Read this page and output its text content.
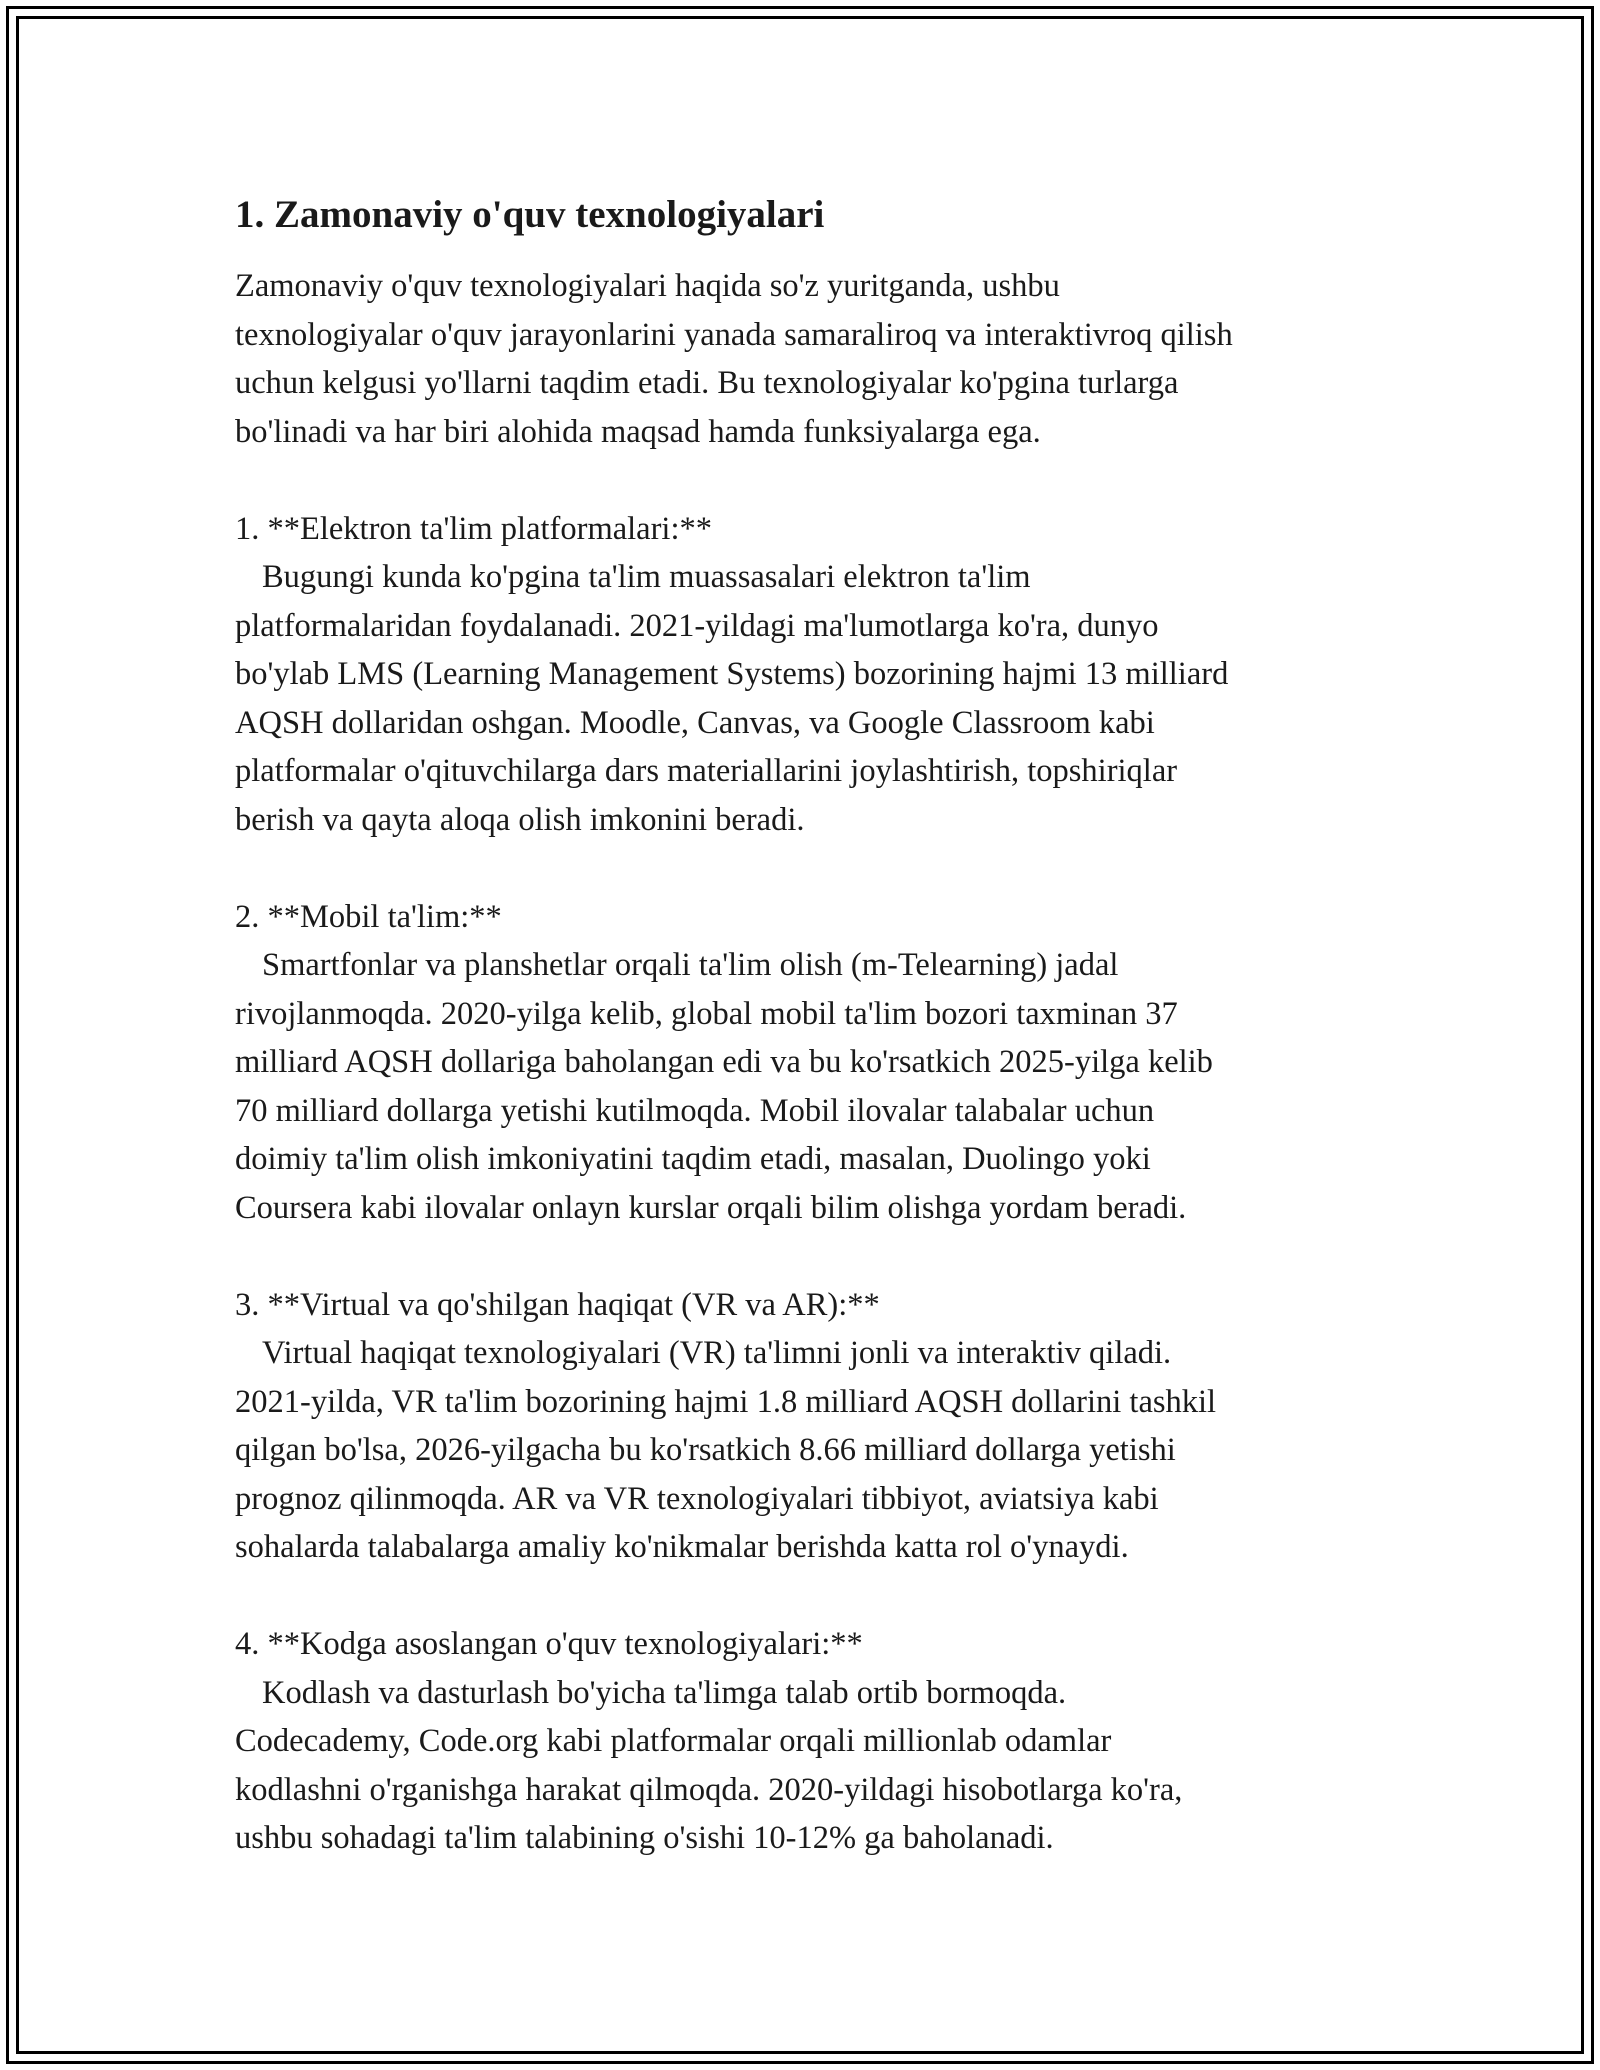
1. Zamonaviy o'quv texnologiyalari

Zamonaviy o'quv texnologiyalari haqida so'z yuritganda, ushbu
texnologiyalar o'quv jarayonlarini yanada samaraliroq va interaktivroq qilish
uchun kelgusi yo'llarni taqdim etadi. Bu texnologiyalar ko'pgina turlarga
bo'linadi va har biri alohida maqsad hamda funksiyalarga ega.

1. **Elektron ta'lim platformalari:**
Bugungi kunda ko'pgina ta'lim muassasalari elektron ta'lim
platformalaridan foydalanadi. 2021-yildagi ma'lumotlarga ko'ra, dunyo
bo'ylab LMS (Learning Management Systems) bozorining hajmi 13 milliard
AQSH dollaridan oshgan. Moodle, Canvas, va Google Classroom kabi
platformalar o'qituvchilarga dars materiallarini joylashtirish, topshiriqlar
berish va qayta aloqa olish imkonini beradi.
2. **Mobil ta'lim:**
Smartfonlar va planshetlar orqali ta'lim olish (m-Telearning) jadal
rivojlanmoqda. 2020-yilga kelib, global mobil ta'lim bozori taxminan 37
milliard AQSH dollariga baholangan edi va bu ko'rsatkich 2025-yilga kelib
70 milliard dollarga yetishi kutilmoqda. Mobil ilovalar talabalar uchun
doimiy ta'lim olish imkoniyatini taqdim etadi, masalan, Duolingo yoki
Coursera kabi ilovalar onlayn kurslar orqali bilim olishga yordam beradi.
3. **Virtual va qo'shilgan haqiqat (VR va AR):**
Virtual haqiqat texnologiyalari (VR) ta'limni jonli va interaktiv qiladi.
2021-yilda, VR ta'lim bozorining hajmi 1.8 milliard AQSH dollarini tashkil
qilgan bo'lsa, 2026-yilgacha bu ko'rsatkich 8.66 milliard dollarga yetishi
prognoz qilinmoqda. AR va VR texnologiyalari tibbiyot, aviatsiya kabi
sohalarda talabalarga amaliy ko'nikmalar berishda katta rol o'ynaydi.
4. **Kodga asoslangan o'quv texnologiyalari:**
Kodlash va dasturlash bo'yicha ta'limga talab ortib bormoqda.
Codecademy, Code.org kabi platformalar orqali millionlab odamlar
kodlashni o'rganishga harakat qilmoqda. 2020-yildagi hisobotlarga ko'ra,
ushbu sohadagi ta'lim talabining o'sishi 10-12% ga baholanadi.
